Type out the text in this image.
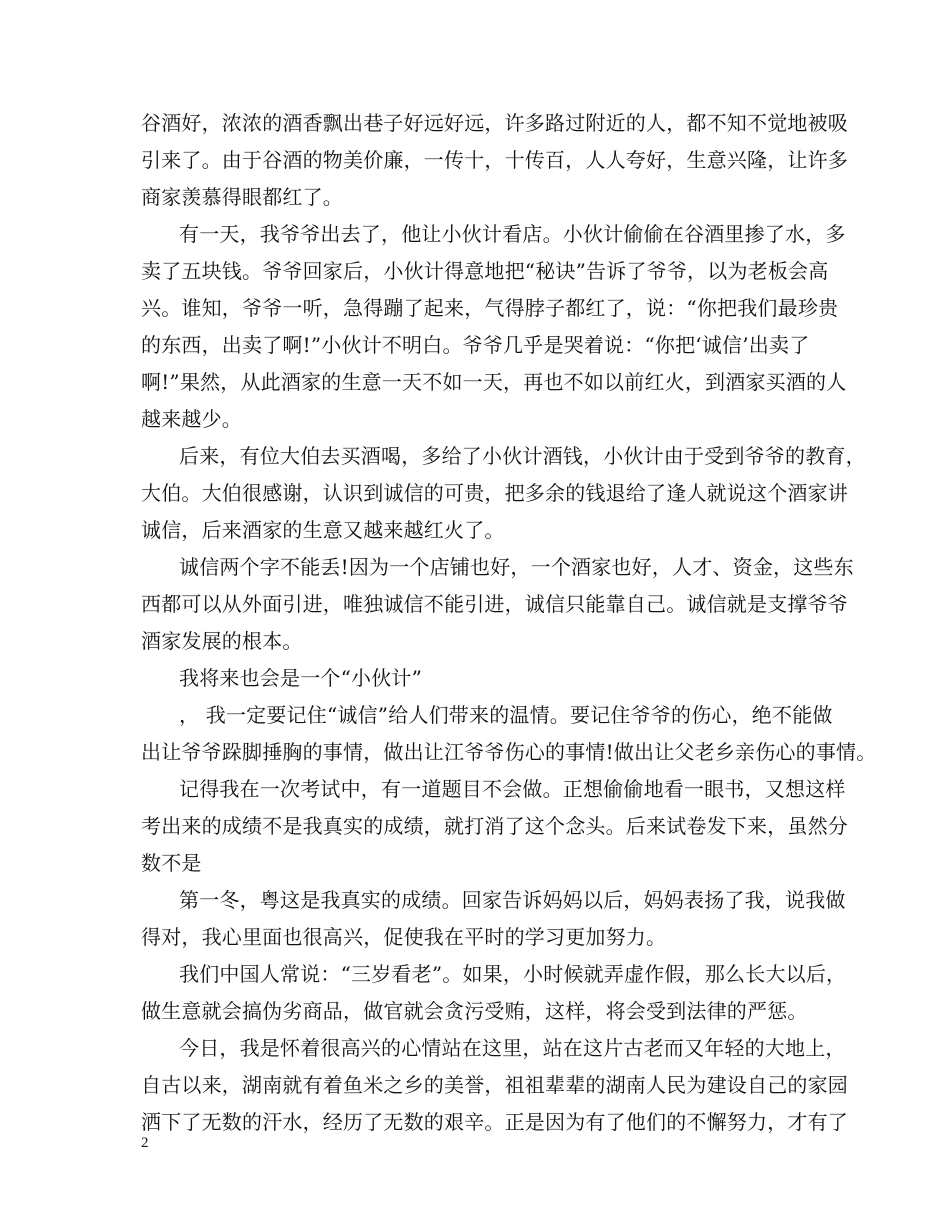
谷酒好，浓浓的酒香飘出巷子好远好远，许多路过附近的人，都不知不觉地被吸
引来了。由于谷酒的物美价廉，一传十，十传百，人人夸好，生意兴隆，让许多
商家羡慕得眼都红了。
有一天，我爷爷出去了，他让小伙计看店。小伙计偷偷在谷酒里掺了水，多
卖了五块钱。爷爷回家后，小伙计得意地把“秘诀”告诉了爷爷，以为老板会高
兴。谁知，爷爷一听，急得蹦了起来，气得脖子都红了，说：“你把我们最珍贵
的东西，出卖了啊!”小伙计不明白。爷爷几乎是哭着说：“你把‘诚信’出卖了
啊!”果然，从此酒家的生意一天不如一天，再也不如以前红火，到酒家买酒的人
越来越少。
后来，有位大伯去买酒喝，多给了小伙计酒钱，小伙计由于受到爷爷的教育，
大伯。大伯很感谢，认识到诚信的可贵，把多余的钱退给了逢人就说这个酒家讲
诚信，后来酒家的生意又越来越红火了。
诚信两个字不能丢!因为一个店铺也好，一个酒家也好，人才、资金，这些东
西都可以从外面引进，唯独诚信不能引进，诚信只能靠自己。诚信就是支撑爷爷
酒家发展的根本。
我将来也会是一个“小伙计”
， 我一定要记住“诚信”给人们带来的温情。要记住爷爷的伤心，绝不能做
出让爷爷跺脚捶胸的事情，做出让江爷爷伤心的事情!做出让父老乡亲伤心的事情。
记得我在一次考试中，有一道题目不会做。正想偷偷地看一眼书，又想这样
考出来的成绩不是我真实的成绩，就打消了这个念头。后来试卷发下来，虽然分
数不是
第一冬，粤这是我真实的成绩。回家告诉妈妈以后，妈妈表扬了我，说我做
得对，我心里面也很高兴，促使我在平时的学习更加努力。
我们中国人常说：“三岁看老”。如果，小时候就弄虚作假，那么长大以后，
做生意就会搞伪劣商品，做官就会贪污受贿，这样，将会受到法律的严惩。
今日，我是怀着很高兴的心情站在这里，站在这片古老而又年轻的大地上，
自古以来，湖南就有着鱼米之乡的美誉，祖祖辈辈的湖南人民为建设自己的家园
洒下了无数的汗水，经历了无数的艰辛。正是因为有了他们的不懈努力，才有了
2
